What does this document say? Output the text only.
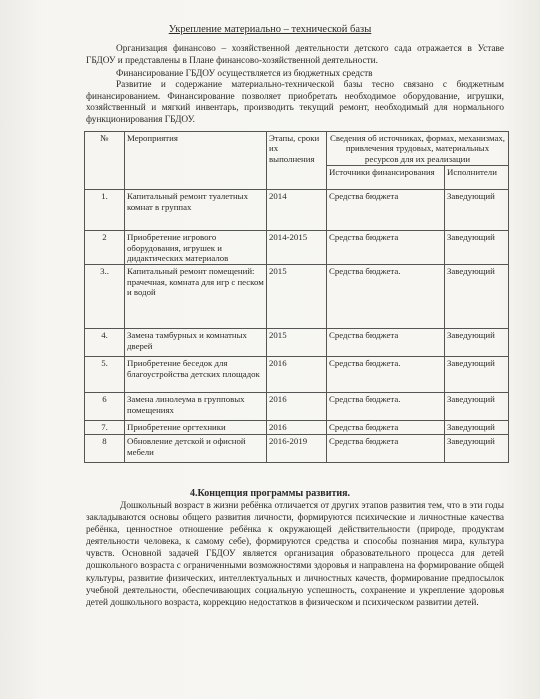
Укрепление материально – технической базы
Организация финансово – хозяйственной деятельности детского сада отражается в Уставе ГБДОУ и представлены в Плане финансово-хозяйственной деятельности.
Финансирование ГБДОУ осуществляется из бюджетных средств
Развитие и содержание материально-технической базы тесно связано с бюджетным финансированием. Финансирование позволяет приобретать необходимое оборудование, игрушки, хозяйственный и мягкий инвентарь, производить текущий ремонт, необходимый для нормального функционирования ГБДОУ.
№	Мероприятия	Этапы, сроки их выполнения	Сведения об источниках, формах, механизмах, привлечения трудовых, материальных ресурсов для их реализации	
			Источники финансирования	Исполнители
1.	Капитальный ремонт туалетных комнат в группах	2014	Средства бюджета	Заведующий
2	Приобретение игрового оборудования, игрушек и дидактических материалов	2014-2015	Средства бюджета	Заведующий
3..	Капитальный ремонт помещений: прачечная, комната для игр с песком и водой	2015	Средства бюджета.	Заведующий
4.	Замена тамбурных и комнатных дверей	2015	Средства бюджета	Заведующий
5.	Приобретение беседок для благоустройства детских площадок	2016	Средства бюджета.	Заведующий
6	Замена линолеума в групповых помещениях	2016	Средства бюджета.	Заведующий
7.	Приобретение оргтехники	2016	Средства бюджета	Заведующий
8	Обновление детской и офисной мебели	2016-2019	Средства бюджета	Заведующий
4.Концепция программы развития.
Дошкольный возраст в жизни ребёнка отличается от других этапов развития тем, что в эти годы закладываются основы общего развития личности, формируются психические и личностные качества ребёнка, ценностное отношение ребёнка к окружающей действительности (природе, продуктам деятельности человека, к самому себе), формируются средства и способы познания мира, культура чувств. Основной задачей ГБДОУ является организация образовательного процесса для детей дошкольного возраста с ограниченными возможностями здоровья и направлена на формирование общей культуры, развитие физических, интеллектуальных и личностных качеств, формирование предпосылок учебной деятельности, обеспечивающих социальную успешность, сохранение и укрепление здоровья детей дошкольного возраста, коррекцию недостатков в физическом и психическом развитии детей.
